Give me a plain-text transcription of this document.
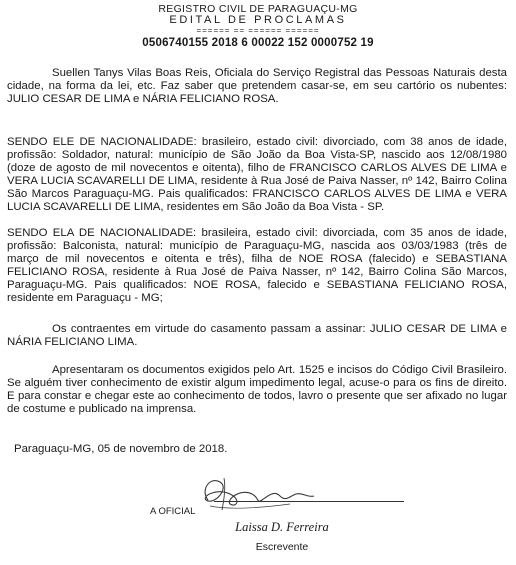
REGISTRO CIVIL DE PARAGUAÇU-MG
EDITAL DE PROCLAMAS
====== == ====== ======
0506740155 2018 6 00022 152 0000752 19

Suellen Tanys Vilas Boas Reis, Oficiala do Serviço Registral das Pessoas Naturais desta cidade, na forma da lei, etc. Faz saber que pretendem casar-se, em seu cartório os nubentes: JULIO CESAR DE LIMA e NÁRIA FELICIANO ROSA.

SENDO ELE DE NACIONALIDADE: brasileiro, estado civil: divorciado, com 38 anos de idade, profissão: Soldador, natural: município de São João da Boa Vista-SP, nascido aos 12/08/1980 (doze de agosto de mil novecentos e oitenta), filho de FRANCISCO CARLOS ALVES DE LIMA e VERA LUCIA SCAVARELLI DE LIMA, residente à Rua José de Paiva Nasser, nº 142, Bairro Colina São Marcos Paraguaçu-MG. Pais qualificados: FRANCISCO CARLOS ALVES DE LIMA e VERA LUCIA SCAVARELLI DE LIMA, residentes em São João da Boa Vista - SP.

SENDO ELA DE NACIONALIDADE: brasileira, estado civil: divorciada, com 35 anos de idade, profissão: Balconista, natural: município de Paraguaçu-MG, nascida aos 03/03/1983 (três de março de mil novecentos e oitenta e três), filha de NOE ROSA (falecido) e SEBASTIANA FELICIANO ROSA, residente à Rua José de Paiva Nasser, nº 142, Bairro Colina São Marcos, Paraguaçu-MG. Pais qualificados: NOE ROSA, falecido e SEBASTIANA FELICIANO ROSA, residente em Paraguaçu - MG;

Os contraentes em virtude do casamento passam a assinar: JULIO CESAR DE LIMA e NÁRIA FELICIANO LIMA.

Apresentaram os documentos exigidos pelo Art. 1525 e incisos do Código Civil Brasileiro. Se alguém tiver conhecimento de existir algum impedimento legal, acuse-o para os fins de direito. E para constar e chegar este ao conhecimento de todos, lavro o presente que ser afixado no lugar de costume e publicado na imprensa.

Paraguaçu-MG, 05 de novembro de 2018.

A OFICIAL
Laissa D. Ferreira
Escrevente
